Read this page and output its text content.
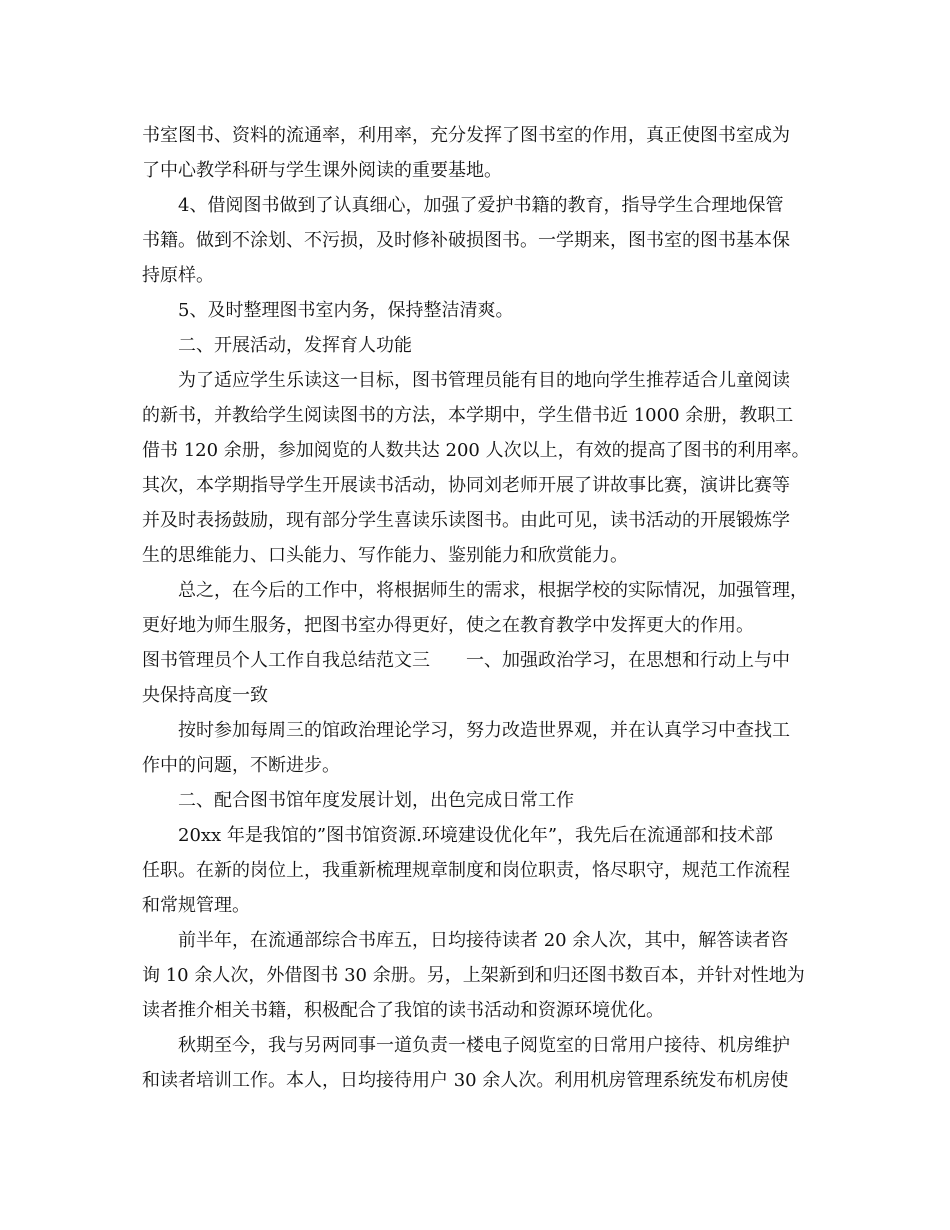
书室图书、资料的流通率，利用率，充分发挥了图书室的作用，真正使图书室成为
了中心教学科研与学生课外阅读的重要基地。
4、借阅图书做到了认真细心，加强了爱护书籍的教育，指导学生合理地保管
书籍。做到不涂划、不污损，及时修补破损图书。一学期来，图书室的图书基本保
持原样。
5、及时整理图书室内务，保持整洁清爽。
二、开展活动，发挥育人功能
为了适应学生乐读这一目标，图书管理员能有目的地向学生推荐适合儿童阅读
的新书，并教给学生阅读图书的方法，本学期中，学生借书近 1000 余册，教职工
借书 120 余册，参加阅览的人数共达 200 人次以上，有效的提高了图书的利用率。
其次，本学期指导学生开展读书活动，协同刘老师开展了讲故事比赛，演讲比赛等
并及时表扬鼓励，现有部分学生喜读乐读图书。由此可见，读书活动的开展锻炼学
生的思维能力、口头能力、写作能力、鉴别能力和欣赏能力。
总之，在今后的工作中，将根据师生的需求，根据学校的实际情况，加强管理，
更好地为师生服务，把图书室办得更好，使之在教育教学中发挥更大的作用。
图书管理员个人工作自我总结范文三　　一、加强政治学习，在思想和行动上与中
央保持高度一致
按时参加每周三的馆政治理论学习，努力改造世界观，并在认真学习中查找工
作中的问题，不断进步。
二、配合图书馆年度发展计划，出色完成日常工作
20xx 年是我馆的”图书馆资源.环境建设优化年”，我先后在流通部和技术部
任职。在新的岗位上，我重新梳理规章制度和岗位职责，恪尽职守，规范工作流程
和常规管理。
前半年，在流通部综合书库五，日均接待读者 20 余人次，其中，解答读者咨
询 10 余人次，外借图书 30 余册。另，上架新到和归还图书数百本，并针对性地为
读者推介相关书籍，积极配合了我馆的读书活动和资源环境优化。
秋期至今，我与另两同事一道负责一楼电子阅览室的日常用户接待、机房维护
和读者培训工作。本人，日均接待用户 30 余人次。利用机房管理系统发布机房使
